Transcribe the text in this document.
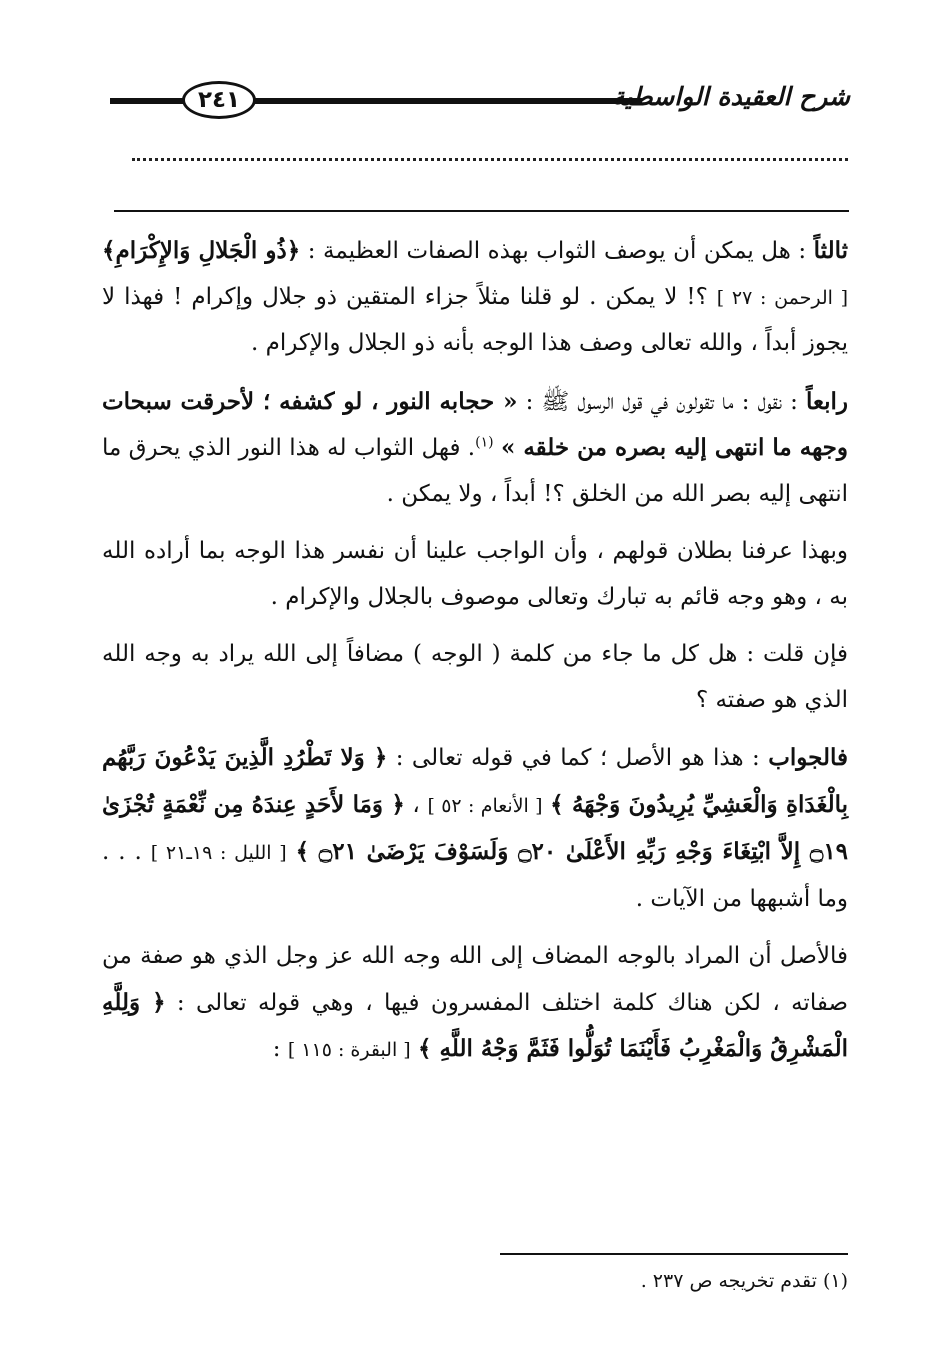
٢٤١	شرح العقيدة الواسطية

ثالثاً : هل يمكن أن يوصف الثواب بهذه الصفات العظيمة : ﴿ذُو الْجَلالِ وَالإِكْرَامِ﴾ [ الرحمن : ٢٧ ] ؟! لا يمكن . لو قلنا مثلاً جزاء المتقين ذو جلال وإكرام ! فهذا لا يجوز أبداً ، والله تعالى وصف هذا الوجه بأنه ذو الجلال والإكرام .

رابعاً : نقول : ما تقولون في قول الرسول ﷺ : « حجابه النور ، لو كشفه ؛ لأحرقت سبحات وجهه ما انتهى إليه بصره من خلقه » $^{(١)}$. فهل الثواب له هذا النور الذي يحرق ما انتهى إليه بصر الله من الخلق ؟! أبداً ، ولا يمكن .

وبهذا عرفنا بطلان قولهم ، وأن الواجب علينا أن نفسر هذا الوجه بما أراده الله به ، وهو وجه قائم به تبارك وتعالى موصوف بالجلال والإكرام .

فإن قلت : هل كل ما جاء من كلمة ( الوجه ) مضافاً إلى الله يراد به وجه الله الذي هو صفته ؟

فالجواب : هذا هو الأصل ؛ كما في قوله تعالى : ﴿ وَلا تَطْرُدِ الَّذِينَ يَدْعُونَ رَبَّهُم بِالْغَدَاةِ وَالْعَشِيِّ يُرِيدُونَ وَجْهَهُ ﴾ [ الأنعام : ٥٢ ] ، ﴿ وَمَا لأَحَدٍ عِندَهُ مِن نِّعْمَةٍ تُجْزَىٰ ۝١٩ إِلاَّ ابْتِغَاءَ وَجْهِ رَبِّهِ الأَعْلَىٰ ۝٢٠ وَلَسَوْفَ يَرْضَىٰ ۝٢١ ﴾ [ الليل : ١٩ـ٢١ ] . . . وما أشبهها من الآيات .

فالأصل أن المراد بالوجه المضاف إلى الله وجه الله عز وجل الذي هو صفة من صفاته ، لكن هناك كلمة اختلف المفسرون فيها ، وهي قوله تعالى : ﴿ وَلِلَّهِ الْمَشْرِقُ وَالْمَغْرِبُ فَأَيْنَمَا تُوَلُّوا فَثَمَّ وَجْهُ اللَّهِ ﴾ [ البقرة : ١١٥ ] :

(١) تقدم تخريجه ص ٢٣٧ .
